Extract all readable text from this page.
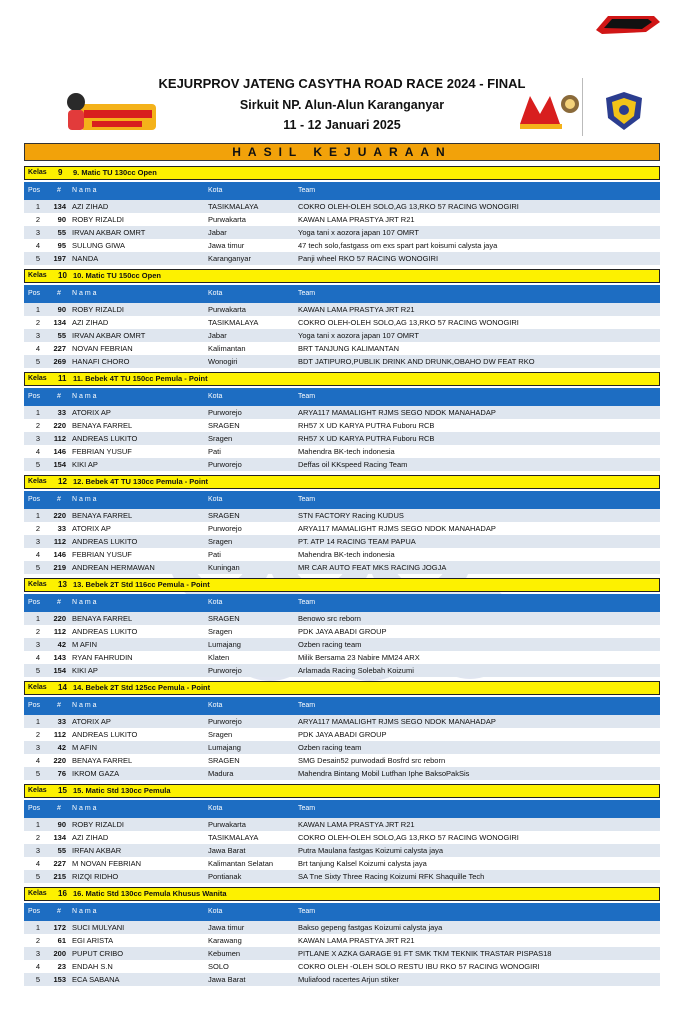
KEJURPROV JATENG CASYTHA ROAD RACE 2024 - FINAL
Sirkuit NP. Alun-Alun Karanganyar
11 - 12 Januari 2025
HASIL KEJUARAAN
Kelas 9 9. Matic TU 130cc Open
Pos # N a m a	Kota	Team
1	134 AZI ZIHAD	TASIKMALAYA	COKRO OLEH-OLEH SOLO,AG 13,RKO 57 RACING WONOGIRI
2	90 ROBY RIZALDI	Purwakarta	KAWAN LAMA PRASTYA JRT R21
3	55 IRVAN AKBAR OMRT	Jabar	Yoga tani x aozora japan 107 OMRT
4	95 SULUNG GIWA	Jawa timur	47 tech solo,fastgass om exs spart part koisumi calysta jaya
5	197 NANDA	Karanganyar	Panji wheel RKO 57 RACING WONOGIRI
Kelas 10 10. Matic TU 150cc Open
Pos # N a m a	Kota	Team
1	90 ROBY RIZALDI	Purwakarta	KAWAN LAMA PRASTYA JRT R21
2	134 AZI ZIHAD	TASIKMALAYA	COKRO OLEH-OLEH SOLO,AG 13,RKO 57 RACING WONOGIRI
3	55 IRVAN AKBAR OMRT	Jabar	Yoga tani x aozora japan 107 OMRT
4	227 NOVAN FEBRIAN	Kalimantan	BRT TANJUNG KALIMANTAN
5	269 HANAFI CHORO	Wonogiri	BDT JATIPURO,PUBLIK DRINK AND DRUNK,OBAHO DW FEAT RKO
Kelas 11 11. Bebek 4T TU 150cc Pemula - Point
Pos # N a m a	Kota	Team
1	33 ATORIX AP	Purworejo	ARYA117 MAMALIGHT RJMS SEGO NDOK MANAHADAP
2	220 BENAYA FARREL	SRAGEN	RH57 X UD KARYA PUTRA Fuboru RCB
3	112 ANDREAS LUKITO	Sragen	RH57 X UD KARYA PUTRA Fuboru RCB
4	146 FEBRIAN YUSUF	Pati	Mahendra BK-tech indonesia
5	154 KIKI AP	Purworejo	Deffas oil KKspeed Racing Team
Kelas 12 12. Bebek 4T TU 130cc Pemula - Point
Pos # N a m a	Kota	Team
1	220 BENAYA FARREL	SRAGEN	STN FACTORY Racing KUDUS
2	33 ATORIX AP	Purworejo	ARYA117 MAMALIGHT RJMS SEGO NDOK MANAHADAP
3	112 ANDREAS LUKITO	Sragen	PT. ATP 14 RACING TEAM PAPUA
4	146 FEBRIAN YUSUF	Pati	Mahendra BK-tech indonesia
5	219 ANDREAN HERMAWAN	Kuningan	MR CAR AUTO FEAT MKS RACING JOGJA
Kelas 13 13. Bebek 2T Std 116cc Pemula - Point
Pos # N a m a	Kota	Team
1	220 BENAYA FARREL	SRAGEN	Benowo src reborn
2	112 ANDREAS LUKITO	Sragen	PDK JAYA ABADI GROUP
3	42 M AFIN	Lumajang	Ozben racing team
4	143 RYAN FAHRUDIN	Klaten	Milik Bersama 23 Nabire MM24 ARX
5	154 KIKI AP	Purworejo	Arlamada Racing Solebah Koizumi
Kelas 14 14. Bebek 2T Std 125cc Pemula - Point
Pos # N a m a	Kota	Team
1	33 ATORIX AP	Purworejo	ARYA117 MAMALIGHT RJMS SEGO NDOK MANAHADAP
2	112 ANDREAS LUKITO	Sragen	PDK JAYA ABADI GROUP
3	42 M AFIN	Lumajang	Ozben racing team
4	220 BENAYA FARREL	SRAGEN	SMG Desain52 purwodadi Bosfrd src reborn
5	76 IKROM GAZA	Madura	Mahendra Bintang Mobil Lutfhan Iphe BaksoPakSis
Kelas 15 15. Matic Std 130cc Pemula
Pos # N a m a	Kota	Team
1	90 ROBY RIZALDI	Purwakarta	KAWAN LAMA PRASTYA JRT R21
2	134 AZI ZIHAD	TASIKMALAYA	COKRO OLEH-OLEH SOLO,AG 13,RKO 57 RACING WONOGIRI
3	55 IRFAN AKBAR	Jawa Barat	Putra Maulana fastgas Koizumi calysta jaya
4	227 M NOVAN FEBRIAN	Kalimantan Selatan	Brt tanjung Kalsel Koizumi calysta jaya
5	215 RIZQI RIDHO	Pontianak	SA Tne Sixty Three Racing Koizumi RFK Shaquille Tech
Kelas 16 16. Matic Std 130cc Pemula Khusus Wanita
Pos # N a m a	Kota	Team
1	172 SUCI MULYANI	Jawa timur	Bakso gepeng fastgas Koizumi calysta jaya
2	61 EGI ARISTA	Karawang	KAWAN LAMA PRASTYA JRT R21
3	200 PUPUT CRIBO	Kebumen	PITLANE X AZKA GARAGE 91 FT SMK TKM TEKNIK TRASTAR PISPAS18
4	23 ENDAH S.N	SOLO	COKRO OLEH -OLEH SOLO RESTU IBU RKO 57 RACING WONOGIRI
5	153 ECA SABANA	Jawa Barat	Muliafood racertes Arjun stiker
